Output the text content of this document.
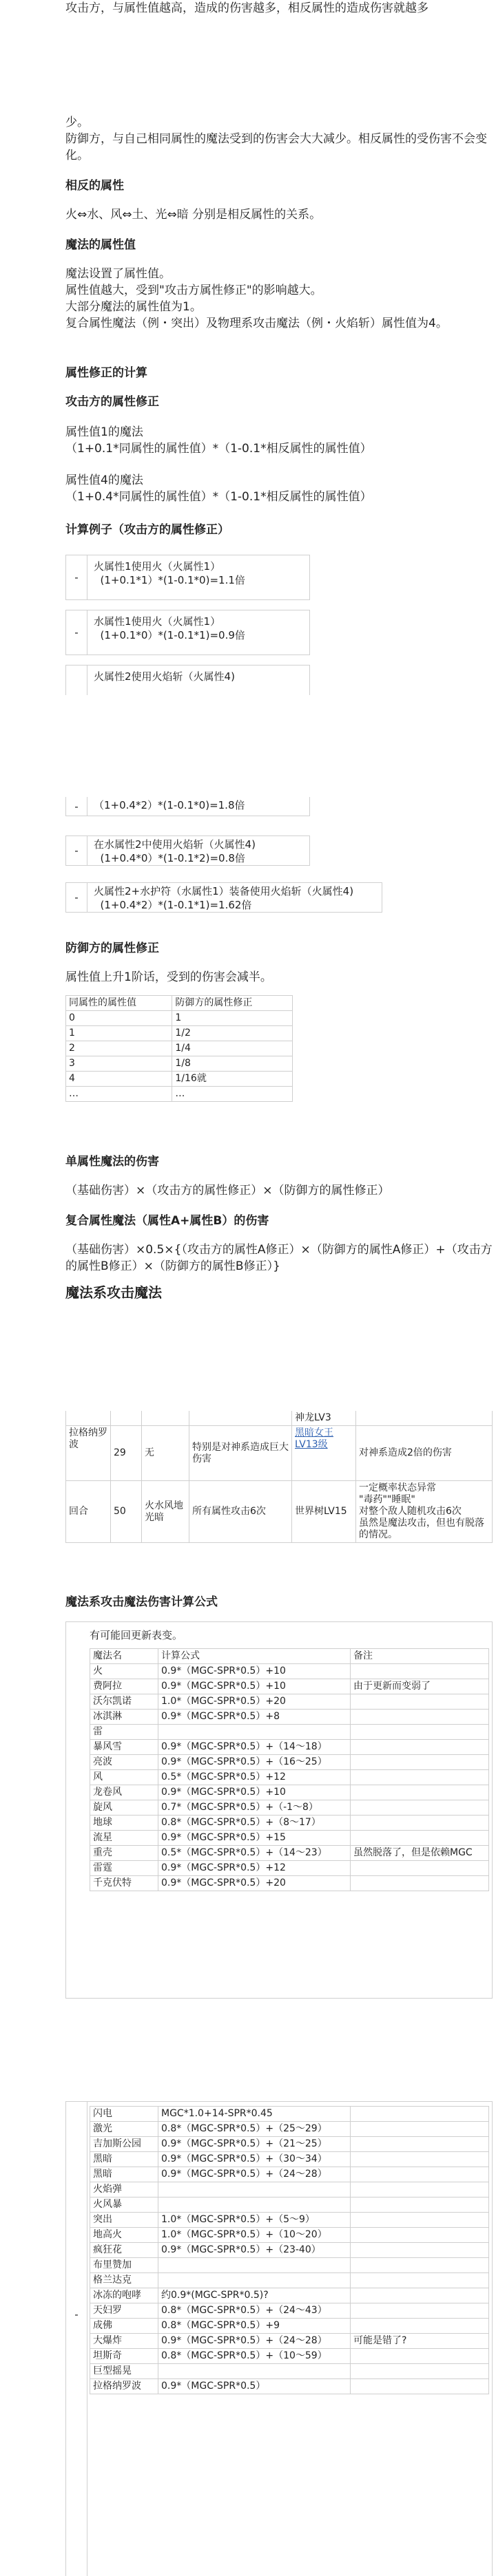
攻击方，与属性值越高，造成的伤害越多，相反属性的造成伤害就越多

少。

防御方，与自己相同属性的魔法受到的伤害会大大减少。相反属性的受伤害不会变化。

相反的属性

火⇔水、风⇔土、光⇔暗 分别是相反属性的关系。

魔法的属性值

魔法设置了属性值。

属性值越大，受到"攻击方属性修正"的影响越大。

大部分魔法的属性值为1。

复合属性魔法（例・突出）及物理系攻击魔法（例・火焰斩）属性值为4。

属性修正的计算

攻击方的属性修正

属性值1的魔法

（1+0.1*同属性的属性值）*（1-0.1*相反属性的属性值）

属性值4的魔法

（1+0.4*同属性的属性值）*（1-0.1*相反属性的属性值）

计算例子（攻击方的属性修正）

-
火属性1使用火（火属性1）
(1+0.1*1）*(1-0.1*0)=1.1倍
-
水属性1使用火（火属性1）
(1+0.1*0）*(1-0.1*1)=0.9倍
火属性2使用火焰斩（火属性4)
-	（1+0.4*2）*(1-0.1*0)=1.8倍
-	在水属性2中使用火焰斩（火属性4)
(1+0.4*0）*(1-0.1*2)=0.8倍
-	火属性2+水护符（水属性1）装备使用火焰斩（火属性4)
(1+0.4*2）*(1-0.1*1)=1.62倍

防御方的属性修正

属性值上升1阶话，受到的伤害会减半。

同属性的属性值	防御方的属性修正
0	1
1	1/2
2	1/4
3	1/8
4	1/16就
…	…

单属性魔法的伤害

（基础伤害）×（攻击方的属性修正）×（防御方的属性修正）

复合属性魔法（属性A+属性B）的伤害

（基础伤害）×0.5×{（攻击方的属性A修正）×（防御方的属性A修正）+（攻击方的属性B修正）×（防御方的属性B修正）}

魔法系攻击魔法

				神龙LV3	
拉格纳罗波	29	无	特别是对神系造成巨大伤害	黑暗女王LV13级	对神系造成2倍的伤害
回合	50	火水风地光暗	所有属性攻击6次	世界树LV15	一定概率状态异常
"毒药""睡眠"
对整个敌人随机攻击6次
虽然是魔法攻击，但也有脱落的情况。

魔法系攻击魔法伤害计算公式

有可能回更新表变。
魔法名	计算公式	备注
火	0.9*（MGC-SPR*0.5）+10	
费阿拉	0.9*（MGC-SPR*0.5）+10	由于更新而变弱了
沃尔凯诺	1.0*（MGC-SPR*0.5）+20	
冰淇淋	0.9*（MGC-SPR*0.5）+8	
雷		
暴风雪	0.9*（MGC-SPR*0.5）+（14〜18）	
亮波	0.9*（MGC-SPR*0.5）+（16〜25）	
风	0.5*（MGC-SPR*0.5）+12	
龙卷风	0.9*（MGC-SPR*0.5）+10	
旋风	0.7*（MGC-SPR*0.5）+（-1〜8）	
地球	0.8*（MGC-SPR*0.5）+（8〜17）	
流星	0.9*（MGC-SPR*0.5）+15	
重壳	0.5*（MGC-SPR*0.5）+（14〜23）	虽然脱落了，但是依赖MGC
雷霆	0.9*（MGC-SPR*0.5）+12	
千克伏特	0.9*（MGC-SPR*0.5）+20	
-
闪电	MGC*1.0+14-SPR*0.45	
激光	0.8*（MGC-SPR*0.5）+（25〜29）	
吉加斯公园	0.9*（MGC-SPR*0.5）+（21〜25）	
黑暗	0.9*（MGC-SPR*0.5）+（30〜34）	
黑暗	0.9*（MGC-SPR*0.5）+（24〜28）	
火焰弹		
火风暴		
突出	1.0*（MGC-SPR*0.5）+（5〜9）	
地高火	1.0*（MGC-SPR*0.5）+（10〜20）	
疯狂花	0.9*（MGC-SPR*0.5）+（23-40）	
布里赞加		
格兰达克		
冰冻的咆哮	约0.9*(MGC-SPR*0.5)?	
天妇罗	0.8*（MGC-SPR*0.5）+（24〜43）	
成佛	0.8*（MGC-SPR*0.5）+9	
大爆炸	0.9*（MGC-SPR*0.5）+（24〜28）	可能是错了?
坦斯奇	0.8*（MGC-SPR*0.5）+（10〜59）	
巨型摇晃		
拉格纳罗波	0.9*（MGC-SPR*0.5）	
